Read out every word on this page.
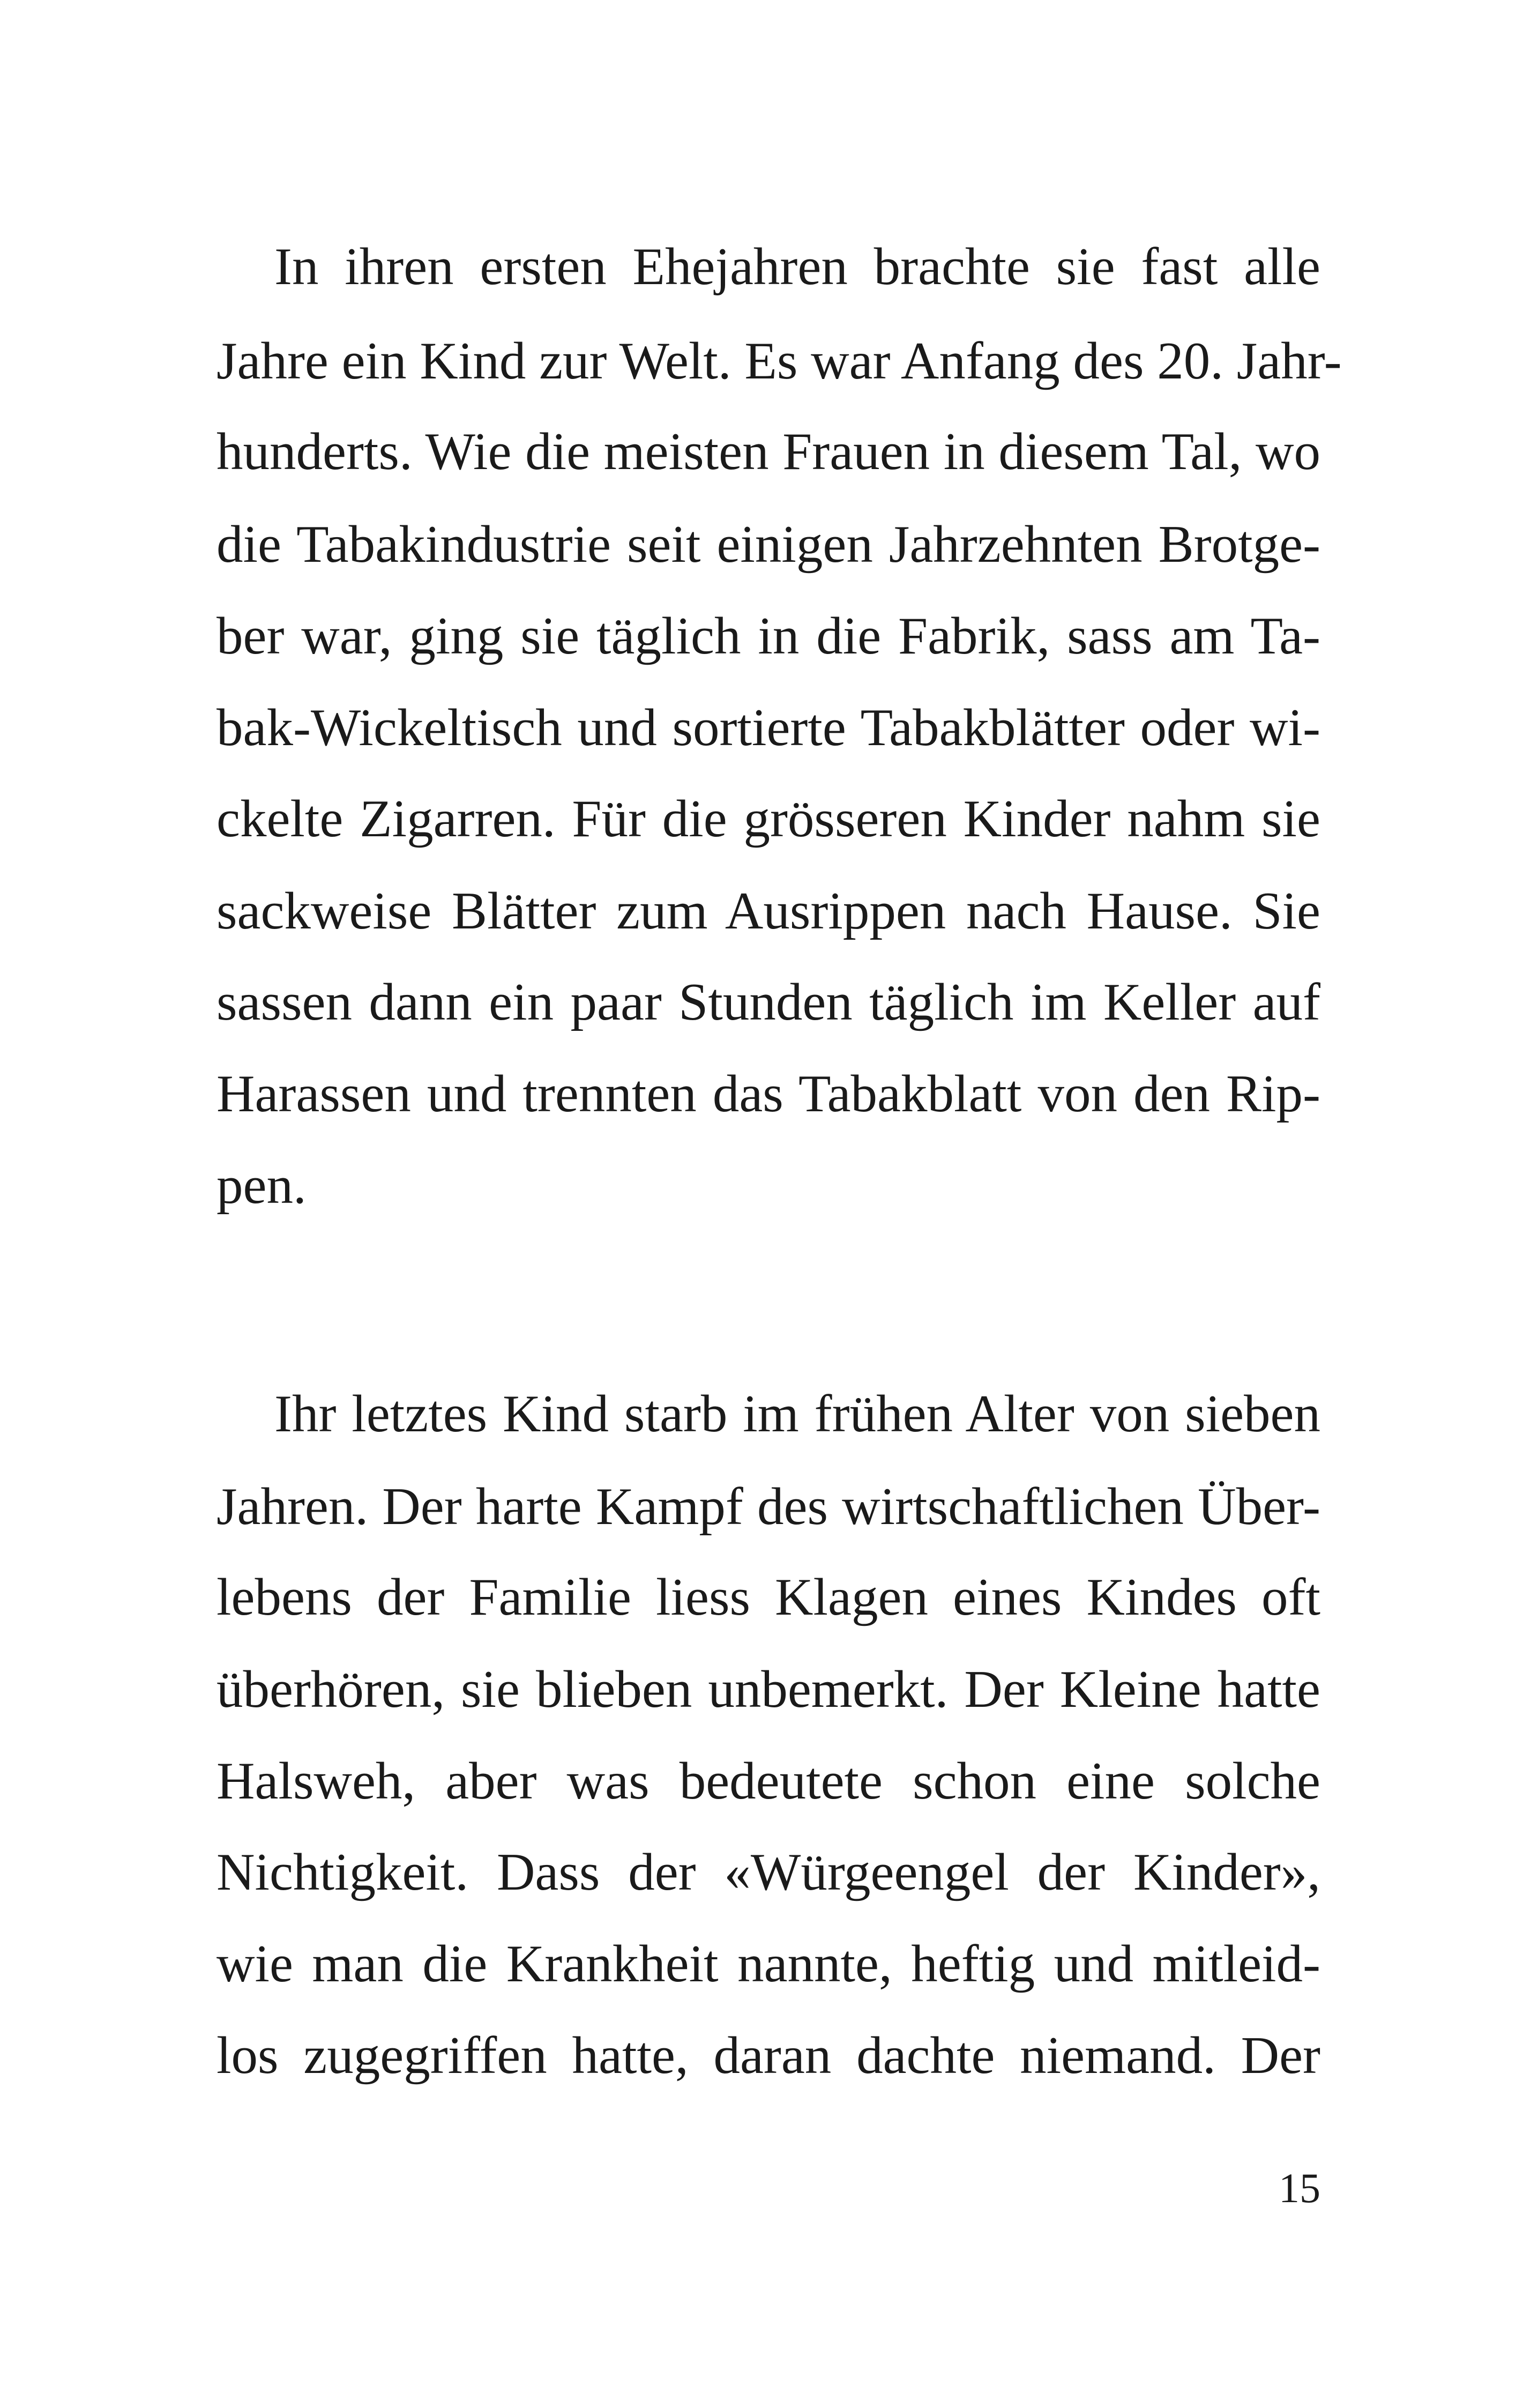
In ihren ersten Ehejahren brachte sie fast alle
Jahre ein Kind zur Welt. Es war Anfang des 20. Jahr-
hunderts. Wie die meisten Frauen in diesem Tal, wo
die Tabakindustrie seit einigen Jahrzehnten Brotge-
ber war, ging sie täglich in die Fabrik, sass am Ta-
bak-Wickeltisch und sortierte Tabakblätter oder wi-
ckelte Zigarren. Für die grösseren Kinder nahm sie
sackweise Blätter zum Ausrippen nach Hause. Sie
sassen dann ein paar Stunden täglich im Keller auf
Harassen und trennten das Tabakblatt von den Rip-
pen.
Ihr letztes Kind starb im frühen Alter von sieben
Jahren. Der harte Kampf des wirtschaftlichen Über-
lebens der Familie liess Klagen eines Kindes oft
überhören, sie blieben unbemerkt. Der Kleine hatte
Halsweh, aber was bedeutete schon eine solche
Nichtigkeit. Dass der «Würgeengel der Kinder»,
wie man die Krankheit nannte, heftig und mitleid-
los zugegriffen hatte, daran dachte niemand. Der
15
